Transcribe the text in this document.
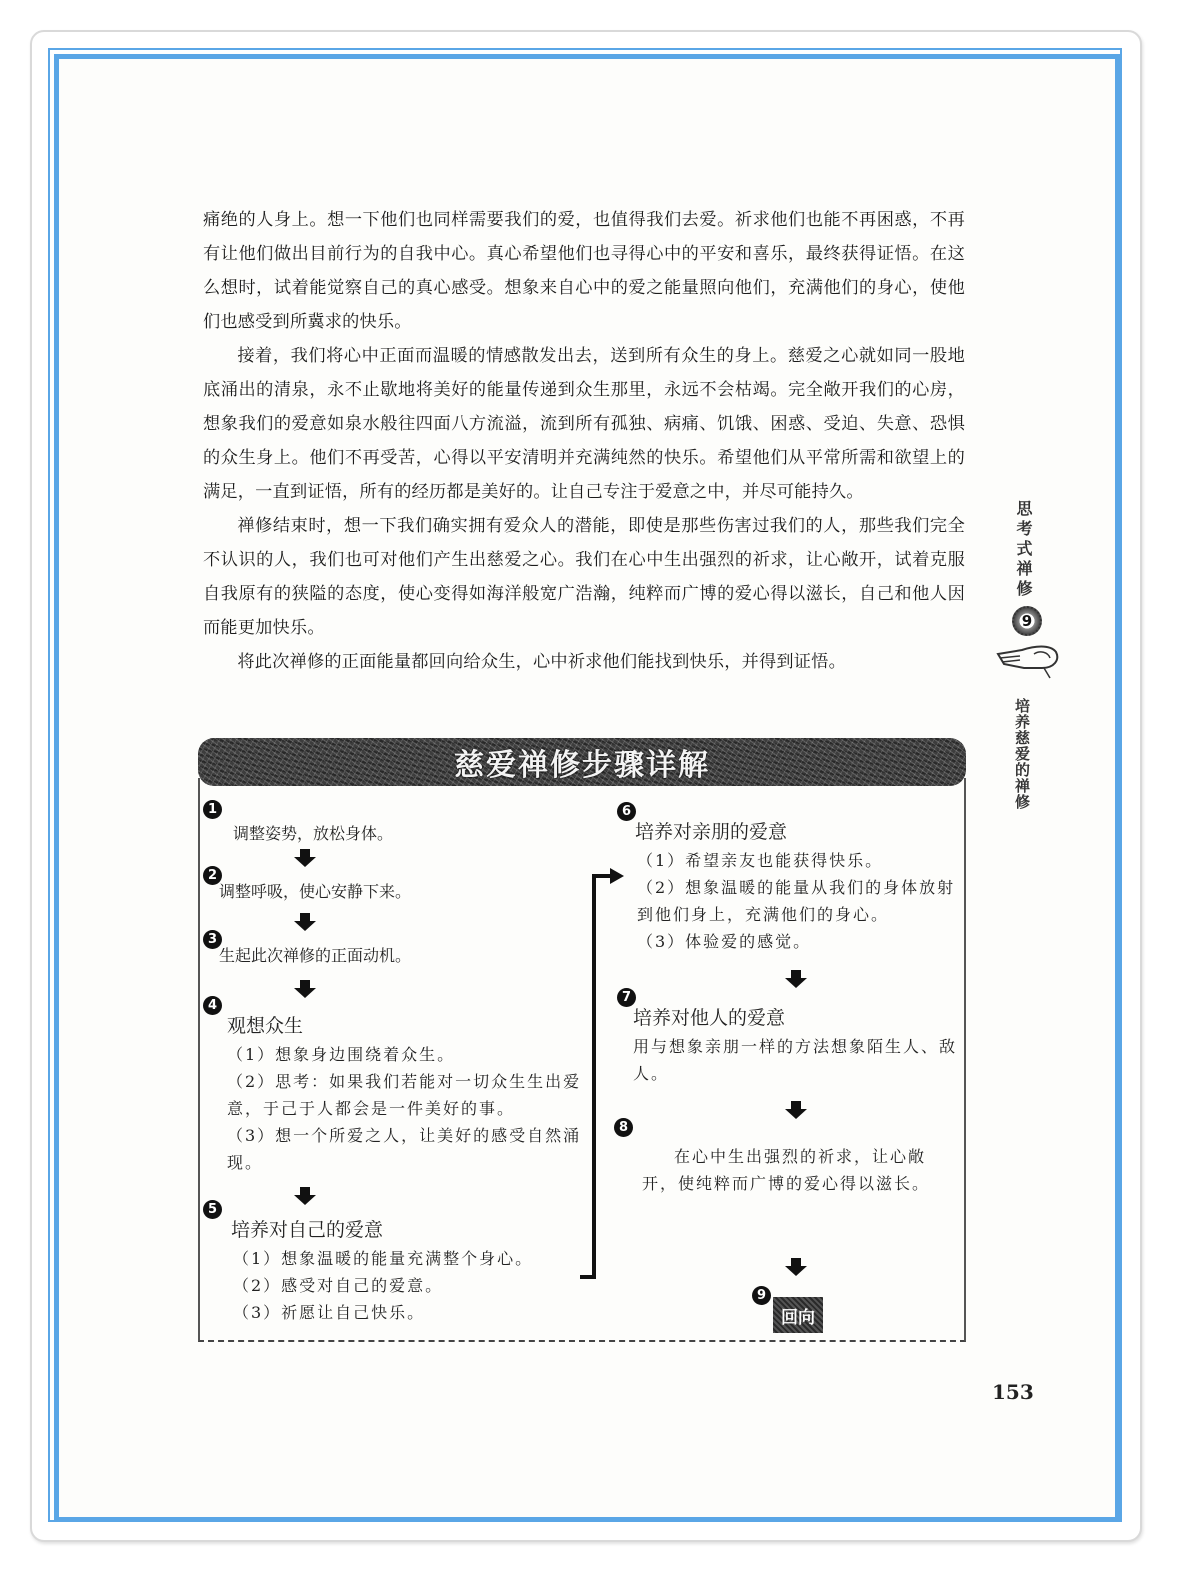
痛绝的人身上。想一下他们也同样需要我们的爱，也值得我们去爱。祈求他们也能不再困惑，不再有让他们做出目前行为的自我中心。真心希望他们也寻得心中的平安和喜乐，最终获得证悟。在这么想时，试着能觉察自己的真心感受。想象来自心中的爱之能量照向他们，充满他们的身心，使他们也感受到所冀求的快乐。

接着，我们将心中正面而温暖的情感散发出去，送到所有众生的身上。慈爱之心就如同一股地底涌出的清泉，永不止歇地将美好的能量传递到众生那里，永远不会枯竭。完全敞开我们的心房，想象我们的爱意如泉水般往四面八方流溢，流到所有孤独、病痛、饥饿、困惑、受迫、失意、恐惧的众生身上。他们不再受苦，心得以平安清明并充满纯然的快乐。希望他们从平常所需和欲望上的满足，一直到证悟，所有的经历都是美好的。让自己专注于爱意之中，并尽可能持久。

禅修结束时，想一下我们确实拥有爱众人的潜能，即使是那些伤害过我们的人，那些我们完全不认识的人，我们也可对他们产生出慈爱之心。我们在心中生出强烈的祈求，让心敞开，试着克服自我原有的狭隘的态度，使心变得如海洋般宽广浩瀚，纯粹而广博的爱心得以滋长，自己和他人因而能更加快乐。

将此次禅修的正面能量都回向给众生，心中祈求他们能找到快乐，并得到证悟。

思考式禅修
9
培养慈爱的禅修
慈爱禅修步骤详解
1
调整姿势，放松身体。
2
调整呼吸，使心安静下来。
3
生起此次禅修的正面动机。
4
观想众生
（1）想象身边围绕着众生。
（2）思考：如果我们若能对一切众生生出爱意，于己于人都会是一件美好的事。
（3）想一个所爱之人，让美好的感受自然涌现。
5
培养对自己的爱意
（1）想象温暖的能量充满整个身心。
（2）感受对自己的爱意。
（3）祈愿让自己快乐。
6
培养对亲朋的爱意
（1）希望亲友也能获得快乐。
（2）想象温暖的能量从我们的身体放射到他们身上，充满他们的身心。
（3）体验爱的感觉。
7
培养对他人的爱意
用与想象亲朋一样的方法想象陌生人、敌人。
8
在心中生出强烈的祈求，让心敞开，使纯粹而广博的爱心得以滋长。
9
回向
153
